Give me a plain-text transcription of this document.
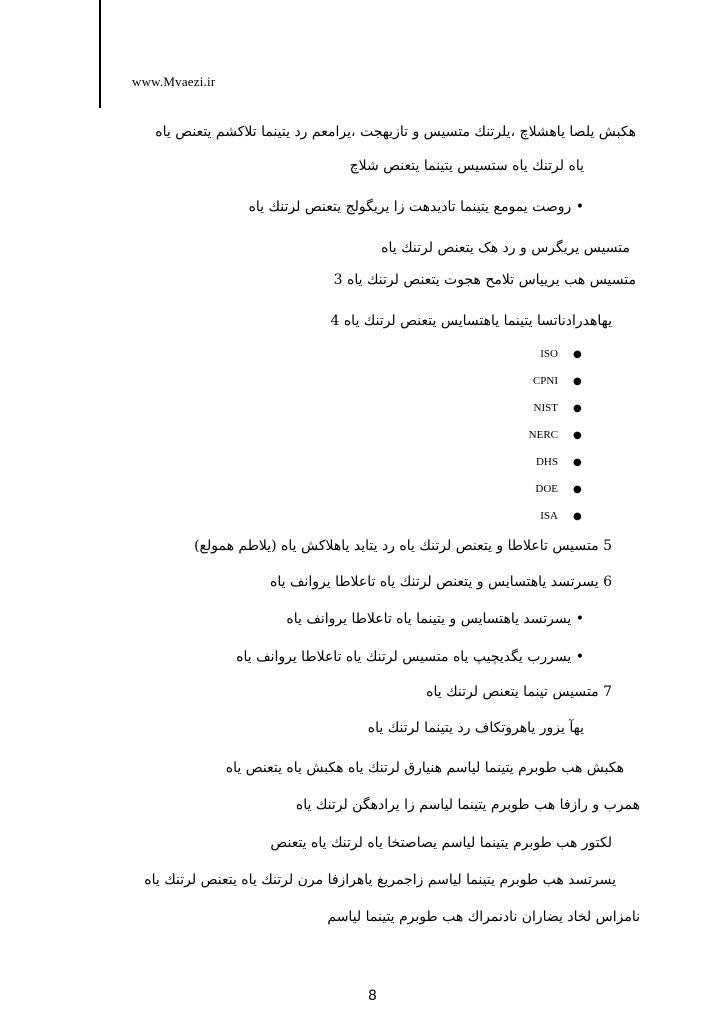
www.Mvaezi.ir
هكبش يلصا ياهشلاچ ،يلرتنك متسيس و تازيهجت ،يرامعم رد يتينما تلاكشم يتعنص ياه
ياه لرتنك ياه ستسيس يتينما يتعنص شلاچ
• روصت يمومع يتينما تادیدهت زا يريگولج يتعنص لرتنك ياه
متسيس يريگرس و رد هک يتعنص لرتنك ياه
متسيس هب يريياس تلامح هجوت يتعنص لرتنك ياه 3
يهاهدرادناتسا يتينما ياهتسايس يتعنص لرتنك ياه 4
ISO ●
CPNI ●
NIST ●
NERC ●
DHS ●
DOE ●
ISA ●
5 متسيس تاعلاطا و يتعنص لرتنك ياه رد يتاید ياهلاکش ياه (يلاطم همولع)
6 يسرتسد ياهتسايس و يتعنص لرتنك ياه تاعلاطا يروانف ياه
• يسرتسد ياهتسايس و يتينما ياه تاعلاطا يروانف ياه
• يسررب يگدیچیپ ياه متسیس لرتنك ياه تاعلاطا يروانف ياه
7 متسيس تينما يتعنص لرتنك ياه
يهآ يزور ياهروتكاف رد يتينما لرتنك ياه
هكبش هب طوبرم يتينما لیاسم هنیارق لرتنك ياه هکبش یاه یتعنص ياه
همرب و رازفا هب طوبرم يتينما لیاسم زا يرادهگن لرتنك ياه
لكتور هب طوبرم يتينما لیاسم يصاصتخا ياه لرتنك ياه يتعنص
يسرتسد هب طوبرم يتينما لیاسم زاجمريغ ياهرازفا مرن لرتنك ياه يتعنص لرتنك ياه
نامزاس لخاد يضاران نادنمراك هب طوبرم يتينما لیاسم
8
